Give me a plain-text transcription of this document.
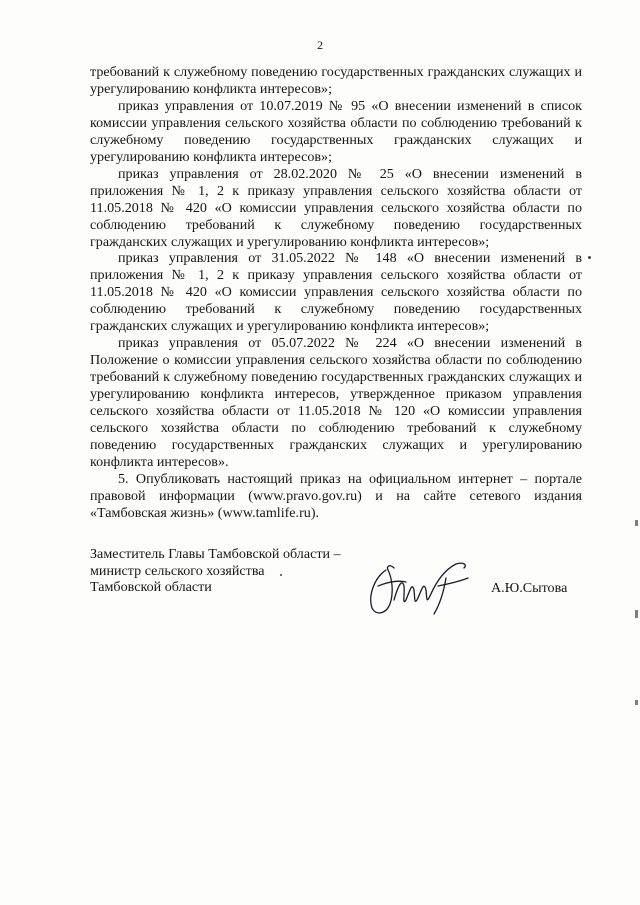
2

требований к служебному поведению государственных гражданских служащих и урегулированию конфликта интересов»;

приказ управления от 10.07.2019 № 95 «О внесении изменений в список комиссии управления сельского хозяйства области по соблюдению требований к служебному поведению государственных гражданских служащих и урегулированию конфликта интересов»;

приказ управления от 28.02.2020 № 25 «О внесении изменений в приложения № 1, 2 к приказу управления сельского хозяйства области от 11.05.2018 № 420 «О комиссии управления сельского хозяйства области по соблюдению требований к служебному поведению государственных гражданских служащих и урегулированию конфликта интересов»;

приказ управления от 31.05.2022 № 148 «О внесении изменений в приложения № 1, 2 к приказу управления сельского хозяйства области от 11.05.2018 № 420 «О комиссии управления сельского хозяйства области по соблюдению требований к служебному поведению государственных гражданских служащих и урегулированию конфликта интересов»;

приказ управления от 05.07.2022 № 224 «О внесении изменений в Положение о комиссии управления сельского хозяйства области по соблюдению требований к служебному поведению государственных гражданских служащих и урегулированию конфликта интересов, утвержденное приказом управления сельского хозяйства области от 11.05.2018 № 120 «О комиссии управления сельского хозяйства области по соблюдению требований к служебному поведению государственных гражданских служащих и урегулированию конфликта интересов».

5. Опубликовать настоящий приказ на официальном интернет – портале правовой информации (www.pravo.gov.ru) и на сайте сетевого издания «Тамбовская жизнь» (www.tamlife.ru).

Заместитель Главы Тамбовской области –
министр сельского хозяйства
Тамбовской области	А.Ю.Сытова
